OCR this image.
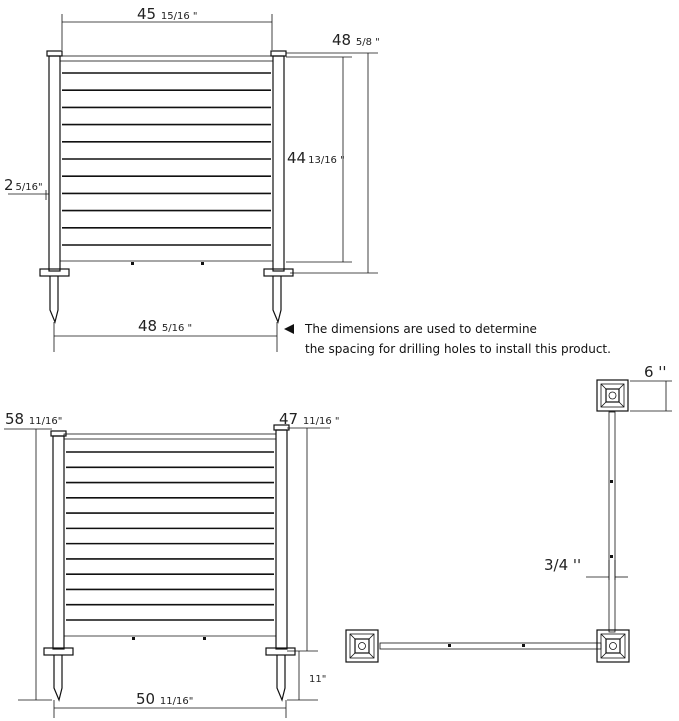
45 15/16 "
48 5/8 "
44 13/16 "
2 5/16"
48 5/16 "	The dimensions are used to determine
the spacing for drilling holes to install this product.
58 11/16"	47 11/16 "
11"
50 11/16"
6 ''
3/4 ''
